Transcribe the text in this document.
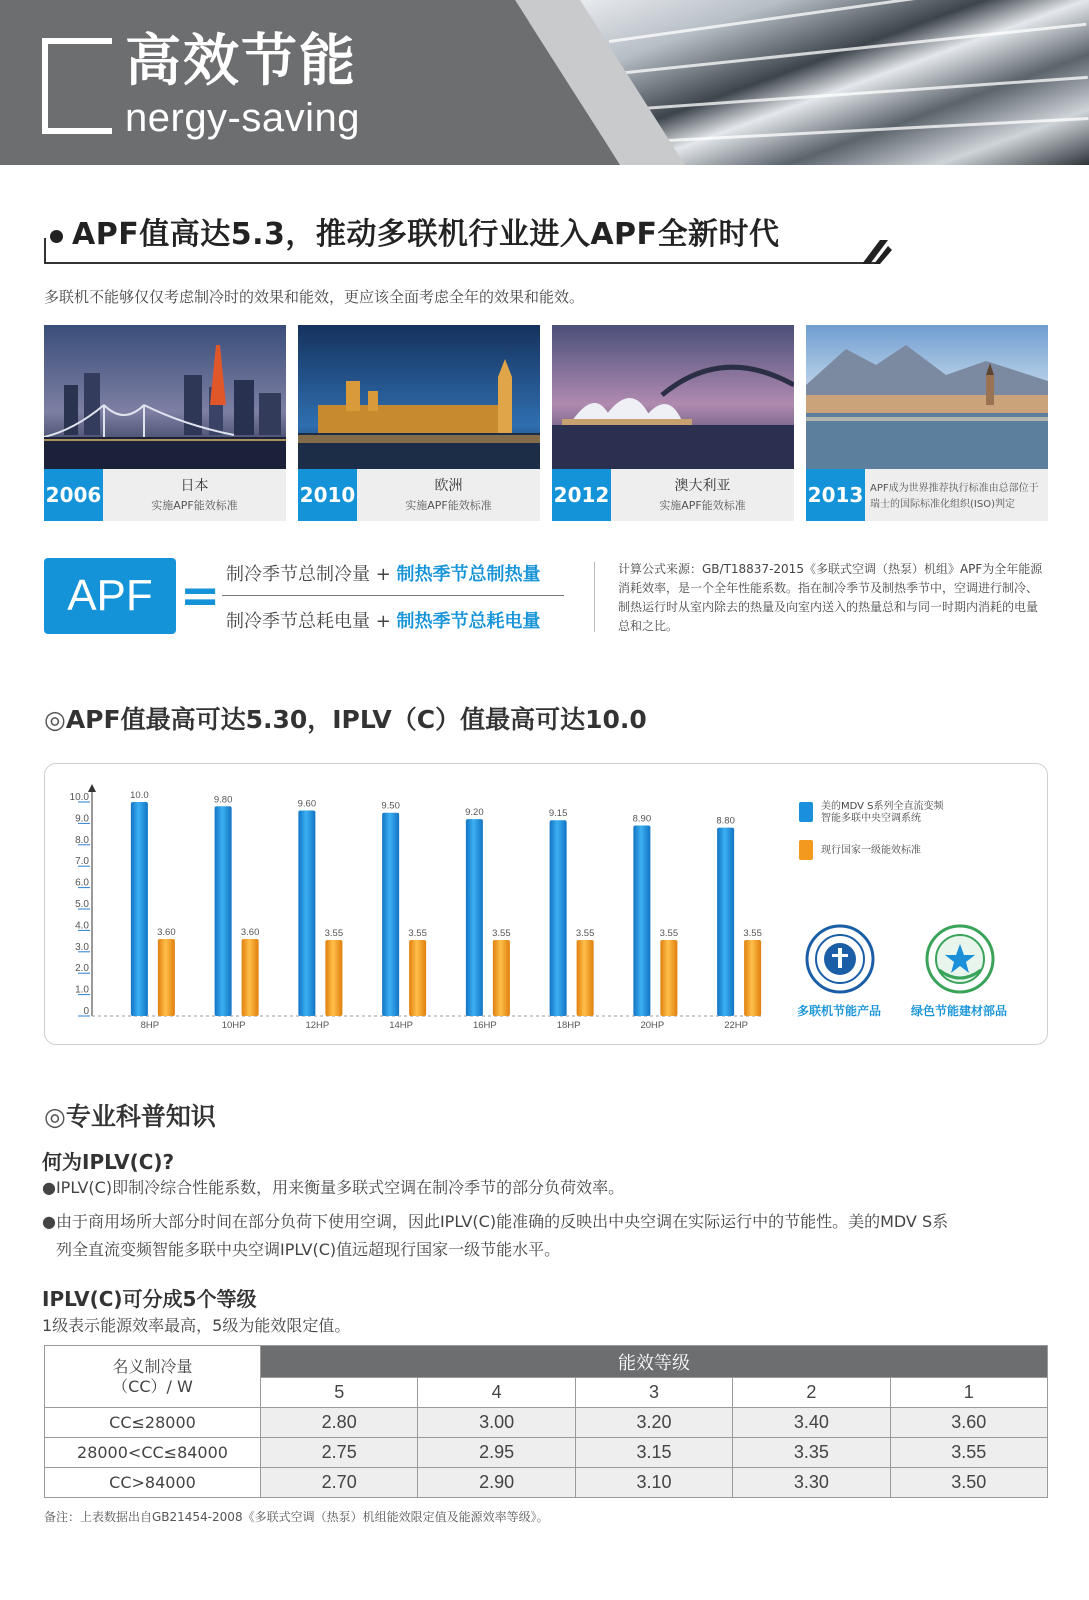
高效节能
nergy-saving
APF值高达5.3，推动多联机行业进入APF全新时代
多联机不能够仅仅考虑制冷时的效果和能效，更应该全面考虑全年的效果和能效。
2006	日本
实施APF能效标准	2010	欧洲
实施APF能效标准	2012	澳大利亚
实施APF能效标准	2013 APF成为世界推荐执行标准由总部位于瑞士的国际标准化组织(ISO)判定
APF = 制冷季节总制冷量 + 制热季节总制热量
制冷季节总耗电量 + 制热季节总耗电量
计算公式来源：GB/T18837-2015《多联式空调（热泵）机组》APF为全年能源消耗效率，是一个全年性能系数。指在制冷季节及制热季节中，空调进行制冷、制热运行时从室内除去的热量及向室内送入的热量总和与同一时期内消耗的电量总和之比。
◎APF值最高可达5.30，IPLV（C）值最高可达10.0
0
1.0
2.0
3.0
4.0
5.0
6.0
7.0
8.0
9.0
10.0	10.0
3.60
8HP
9.80
3.60
10HP
9.60
3.55
12HP
9.50
3.55
14HP
9.20
3.55
16HP
9.15
3.55
18HP
8.90
3.55
20HP
8.80
3.55
22HP
美的MDV S系列全直流变频
智能多联中央空调系统
现行国家一级能效标准
多联机节能产品 绿色节能建材部品
◎专业科普知识
何为IPLV(C)?
●IPLV(C)即制冷综合性能系数，用来衡量多联式空调在制冷季节的部分负荷效率。
●由于商用场所大部分时间在部分负荷下使用空调，因此IPLV(C)能准确的反映出中央空调在实际运行中的节能性。美的MDV S系
列全直流变频智能多联中央空调IPLV(C)值远超现行国家一级节能水平。
IPLV(C)可分成5个等级
1级表示能源效率最高，5级为能效限定值。
名义制冷量
（CC）/ W	能效等级				
	5	4	3	2	1
CC≤28000	2.80	3.00	3.20	3.40	3.60
28000<CC≤84000	2.75	2.95	3.15	3.35	3.55
CC>84000	2.70	2.90	3.10	3.30	3.50
备注：上表数据出自GB21454-2008《多联式空调（热泵）机组能效限定值及能源效率等级》。
